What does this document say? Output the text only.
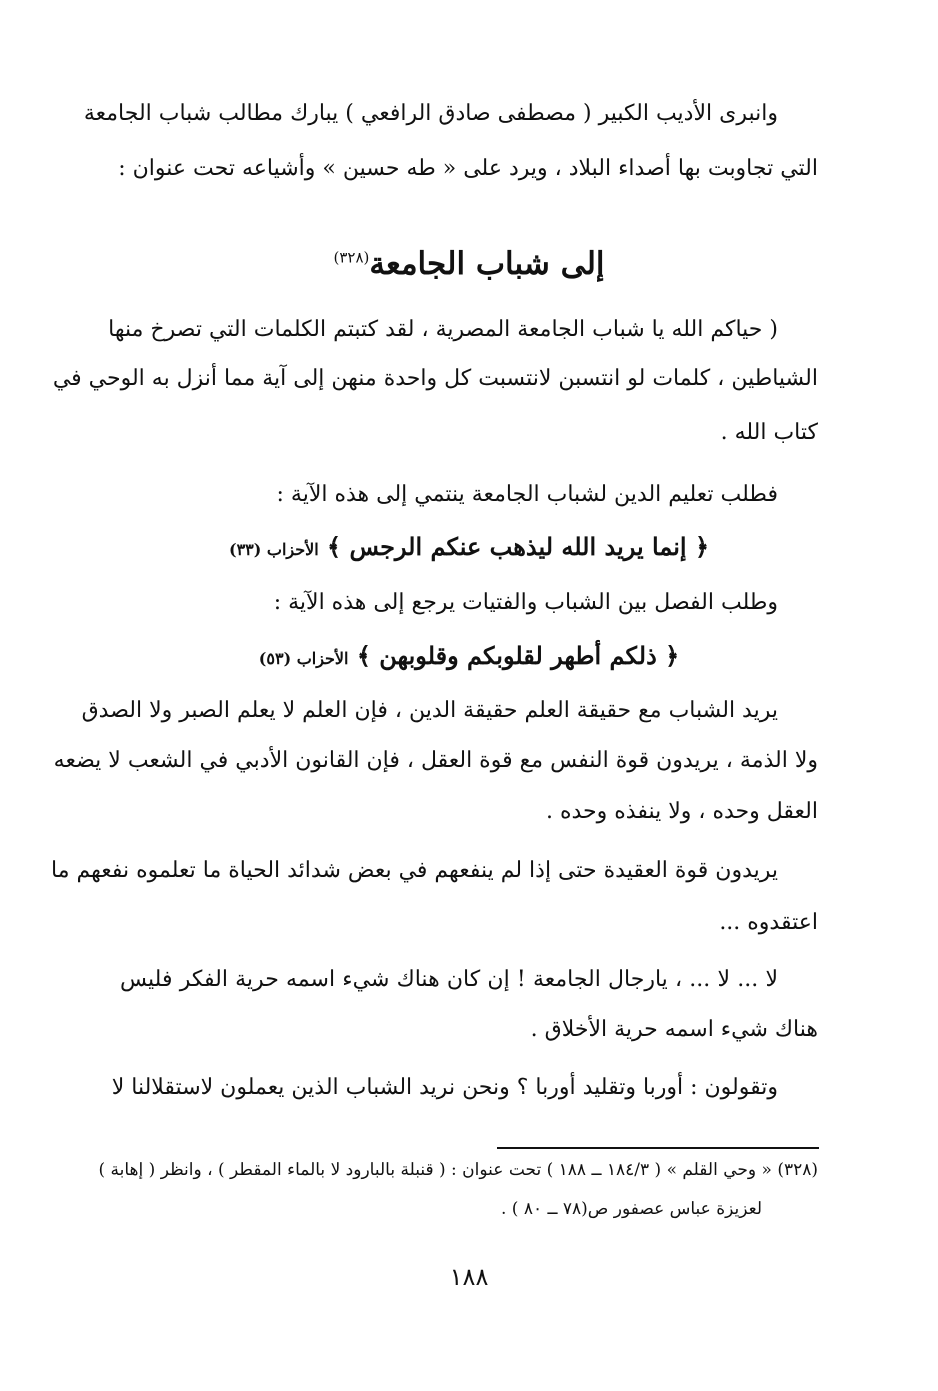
وانبرى الأديب الكبير ( مصطفى صادق الرافعي ) يبارك مطالب شباب الجامعة
التي تجاوبت بها أصداء البلاد ، ويرد على « طه حسين » وأشياعه تحت عنوان :
إلى شباب الجامعة$^{(٣٢٨)}$
( حياكم الله يا شباب الجامعة المصرية ، لقد كتبتم الكلمات التي تصرخ منها
الشياطين ، كلمات لو انتسبن لانتسبت كل واحدة منهن إلى آية مما أنزل به الوحي في
كتاب الله .
فطلب تعليم الدين لشباب الجامعة ينتمي إلى هذه الآية :
﴿ إنما يريد الله ليذهب عنكم الرجس ﴾ الأحزاب (٣٣)
وطلب الفصل بين الشباب والفتيات يرجع إلى هذه الآية :
﴿ ذلكم أطهر لقلوبكم وقلوبهن ﴾ الأحزاب (٥٣)
يريد الشباب مع حقيقة العلم حقيقة الدين ، فإن العلم لا يعلم الصبر ولا الصدق
ولا الذمة ، يريدون قوة النفس مع قوة العقل ، فإن القانون الأدبي في الشعب لا يضعه
العقل وحده ، ولا ينفذه وحده .
يريدون قوة العقيدة حتى إذا لم ينفعهم في بعض شدائد الحياة ما تعلموه نفعهم ما
اعتقدوه ...
لا ... لا ... ، يارجال الجامعة ! إن كان هناك شيء اسمه حرية الفكر فليس
هناك شيء اسمه حرية الأخلاق .
وتقولون : أوربا وتقليد أوربا ؟ ونحن نريد الشباب الذين يعملون لاستقلالنا لا
(٣٢٨) « وحي القلم » ( ١٨٤/٣ ــ ١٨٨ ) تحت عنوان : ( قنبلة بالبارود لا بالماء المقطر ) ، وانظر ( إهابة )
لعزيزة عباس عصفور ص(٧٨ ــ ٨٠ ) .
١٨٨
